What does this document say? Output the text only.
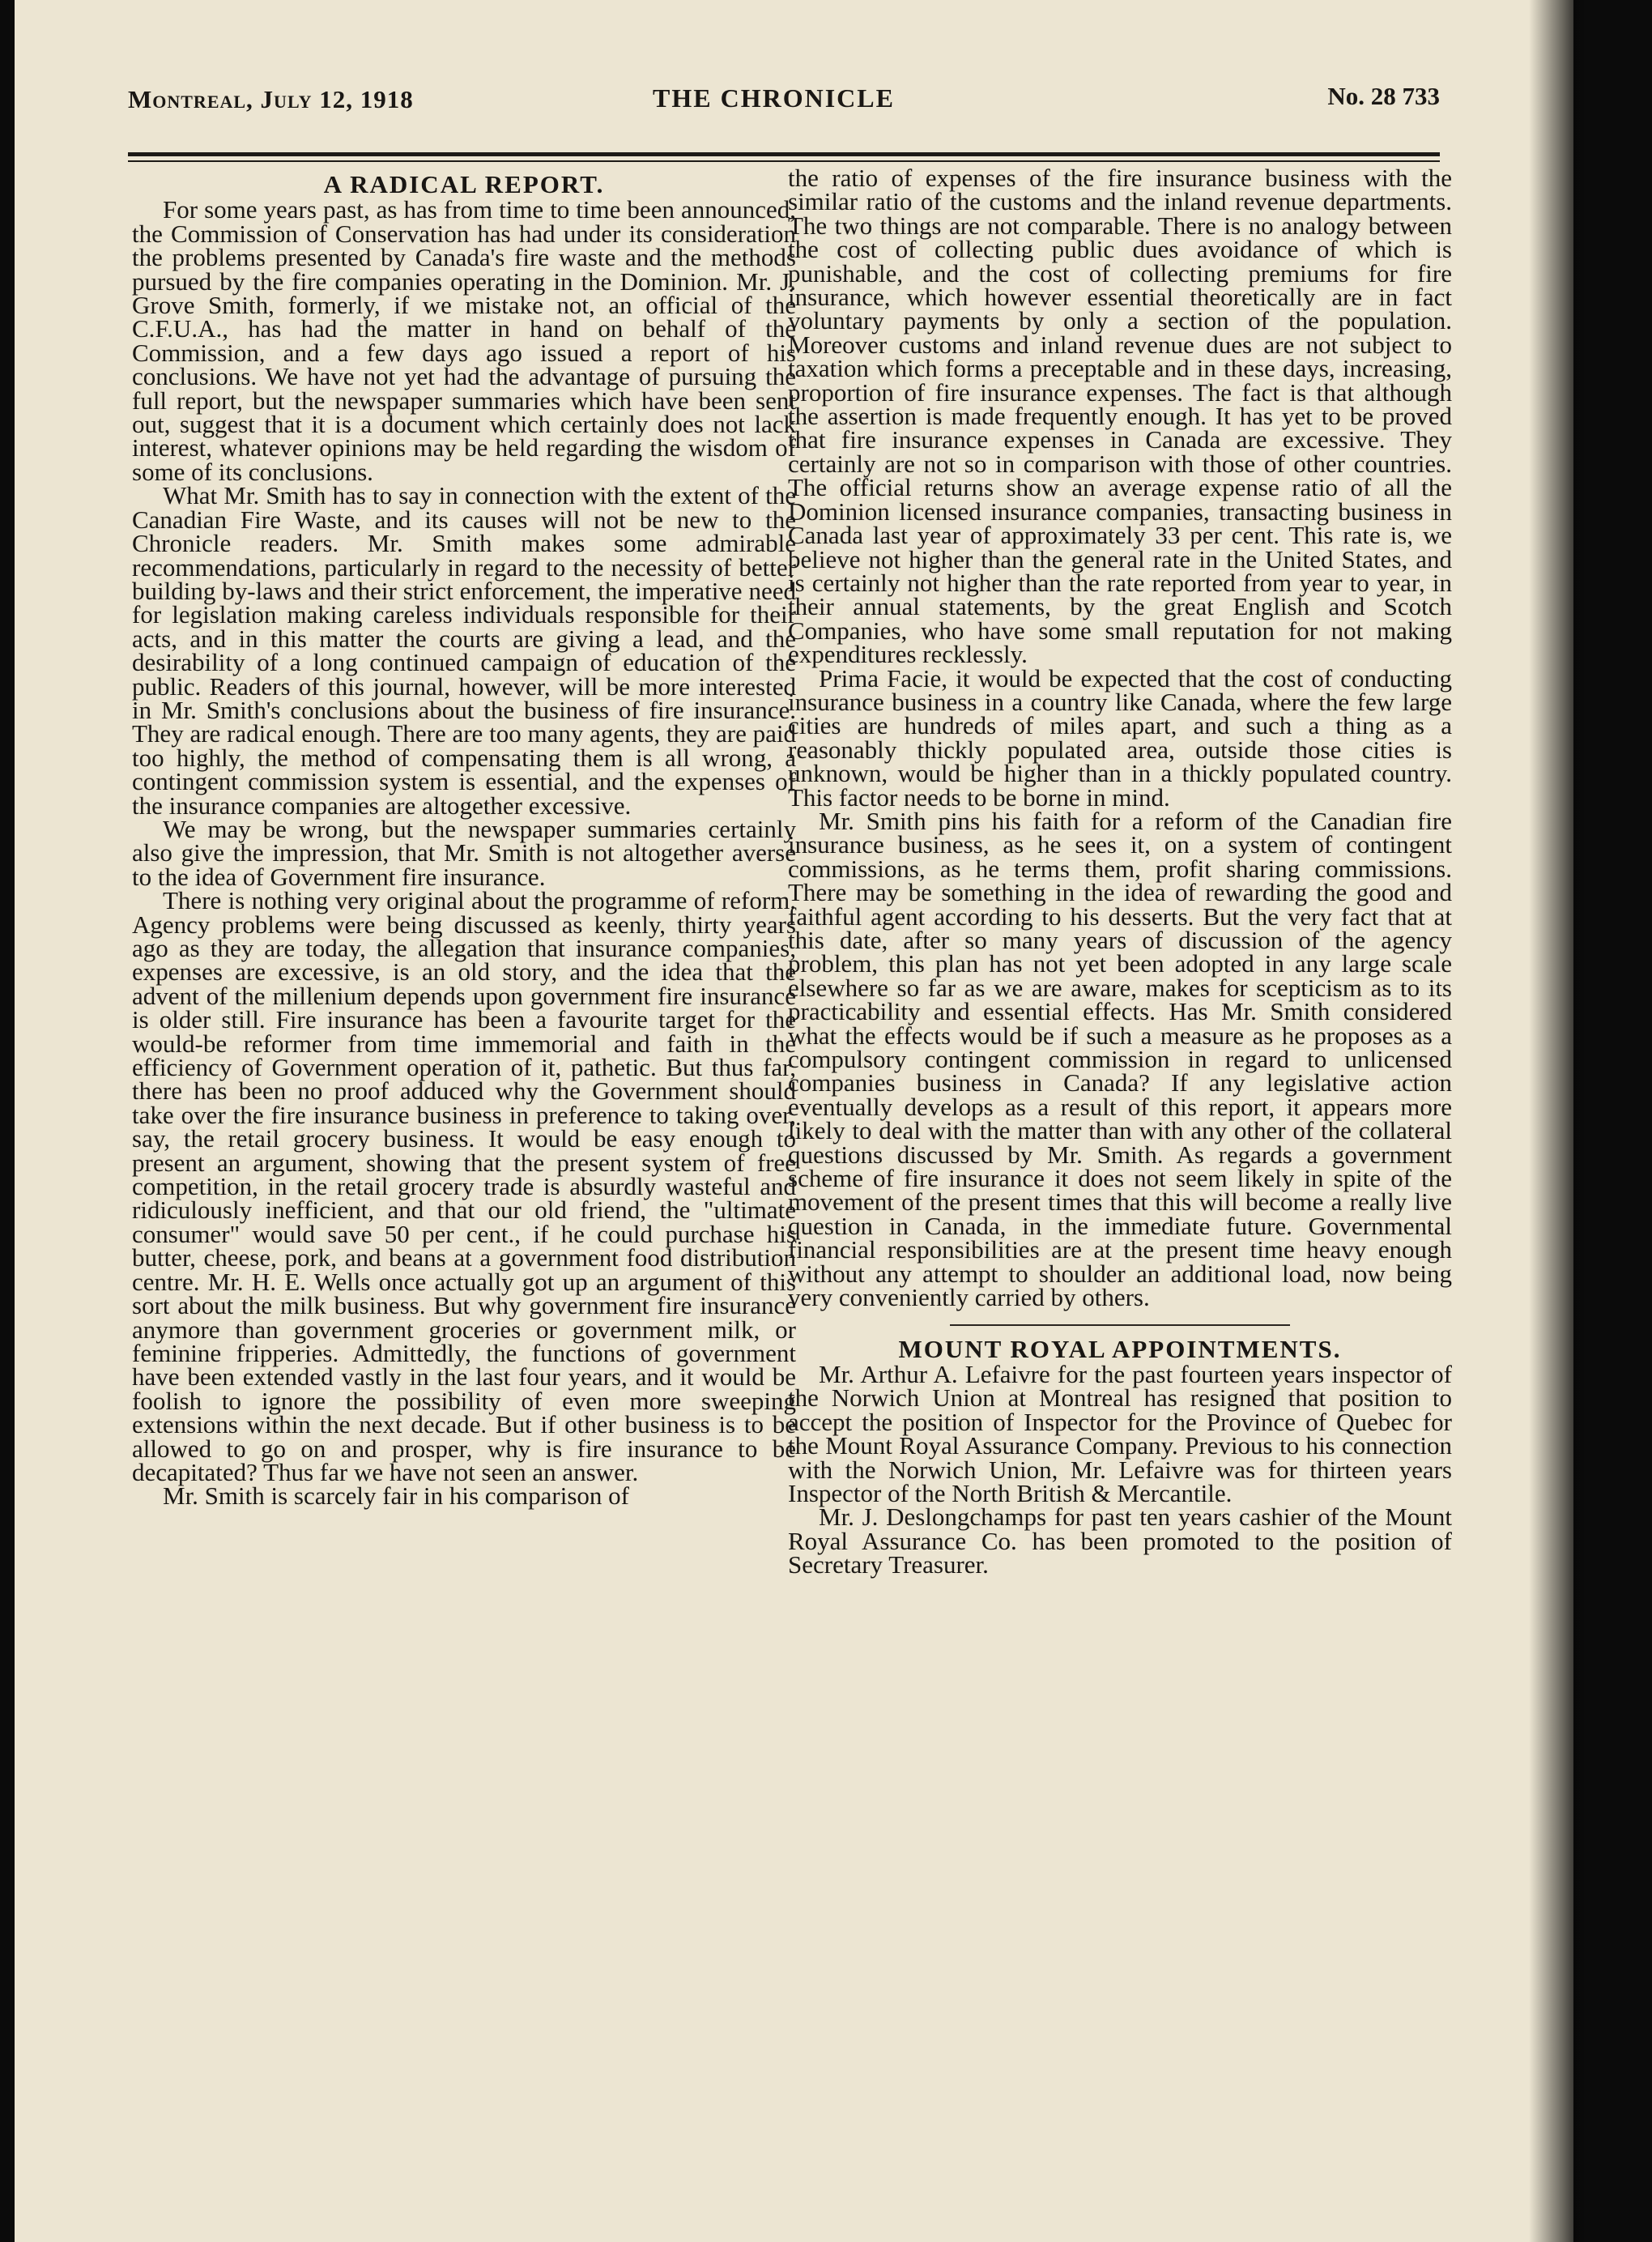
Montreal, July 12, 1918	THE CHRONICLE	No. 28 733
A RADICAL REPORT.

For some years past, as has from time to time been announced, the Commission of Conservation has had under its consideration the problems presented by Canada's fire waste and the methods pursued by the fire companies operating in the Dominion. Mr. J. Grove Smith, formerly, if we mistake not, an official of the C.F.U.A., has had the matter in hand on behalf of the Commission, and a few days ago issued a report of his conclusions. We have not yet had the advantage of pursuing the full report, but the newspaper summaries which have been sent out, suggest that it is a document which certainly does not lack interest, whatever opinions may be held regarding the wisdom of some of its conclusions.

What Mr. Smith has to say in connection with the extent of the Canadian Fire Waste, and its causes will not be new to the Chronicle readers. Mr. Smith makes some admirable recommendations, particularly in regard to the necessity of better building by-laws and their strict enforcement, the imperative need for legislation making careless individuals responsible for their acts, and in this matter the courts are giving a lead, and the desirability of a long continued campaign of education of the public. Readers of this journal, however, will be more interested in Mr. Smith's conclusions about the business of fire insurance. They are radical enough. There are too many agents, they are paid too highly, the method of compensating them is all wrong, a contingent commission system is essential, and the expenses of the insurance companies are altogether excessive.

We may be wrong, but the newspaper summaries certainly also give the impression, that Mr. Smith is not altogether averse to the idea of Government fire insurance.

There is nothing very original about the programme of reform. Agency problems were being discussed as keenly, thirty years ago as they are today, the allegation that insurance companies, expenses are excessive, is an old story, and the idea that the advent of the millenium depends upon government fire insurance is older still. Fire insurance has been a favourite target for the would-be reformer from time immemorial and faith in the efficiency of Government operation of it, pathetic. But thus far, there has been no proof adduced why the Government should take over the fire insurance business in preference to taking over, say, the retail grocery business. It would be easy enough to present an argument, showing that the present system of free competition, in the retail grocery trade is absurdly wasteful and ridiculously inefficient, and that our old friend, the "ultimate consumer" would save 50 per cent., if he could purchase his butter, cheese, pork, and beans at a government food distribution centre. Mr. H. E. Wells once actually got up an argument of this sort about the milk business. But why government fire insurance anymore than government groceries or government milk, or feminine fripperies. Admittedly, the functions of government have been extended vastly in the last four years, and it would be foolish to ignore the possibility of even more sweeping extensions within the next decade. But if other business is to be allowed to go on and prosper, why is fire insurance to be decapitated? Thus far we have not seen an answer.

Mr. Smith is scarcely fair in his comparison of

the ratio of expenses of the fire insurance business with the similar ratio of the customs and the inland revenue departments. The two things are not comparable. There is no analogy between the cost of collecting public dues avoidance of which is punishable, and the cost of collecting premiums for fire insurance, which however essential theoretically are in fact voluntary payments by only a section of the population. Moreover customs and inland revenue dues are not subject to taxation which forms a preceptable and in these days, increasing, proportion of fire insurance expenses. The fact is that although the assertion is made frequently enough. It has yet to be proved that fire insurance expenses in Canada are excessive. They certainly are not so in comparison with those of other countries. The official returns show an average expense ratio of all the Dominion licensed insurance companies, transacting business in Canada last year of approximately 33 per cent. This rate is, we believe not higher than the general rate in the United States, and is certainly not higher than the rate reported from year to year, in their annual statements, by the great English and Scotch Companies, who have some small reputation for not making expenditures recklessly.

Prima Facie, it would be expected that the cost of conducting insurance business in a country like Canada, where the few large cities are hundreds of miles apart, and such a thing as a reasonably thickly populated area, outside those cities is unknown, would be higher than in a thickly populated country. This factor needs to be borne in mind.

Mr. Smith pins his faith for a reform of the Canadian fire insurance business, as he sees it, on a system of contingent commissions, as he terms them, profit sharing commissions. There may be something in the idea of rewarding the good and faithful agent according to his desserts. But the very fact that at this date, after so many years of discussion of the agency problem, this plan has not yet been adopted in any large scale elsewhere so far as we are aware, makes for scepticism as to its practicability and essential effects. Has Mr. Smith considered what the effects would be if such a measure as he proposes as a compulsory contingent commission in regard to unlicensed companies business in Canada? If any legislative action eventually develops as a result of this report, it appears more likely to deal with the matter than with any other of the collateral questions discussed by Mr. Smith. As regards a government scheme of fire insurance it does not seem likely in spite of the movement of the present times that this will become a really live question in Canada, in the immediate future. Governmental financial responsibilities are at the present time heavy enough without any attempt to shoulder an additional load, now being very conveniently carried by others.

MOUNT ROYAL APPOINTMENTS.

Mr. Arthur A. Lefaivre for the past fourteen years inspector of the Norwich Union at Montreal has resigned that position to accept the position of Inspector for the Province of Quebec for the Mount Royal Assurance Company. Previous to his connection with the Norwich Union, Mr. Lefaivre was for thirteen years Inspector of the North British & Mercantile.

Mr. J. Deslongchamps for past ten years cashier of the Mount Royal Assurance Co. has been promoted to the position of Secretary Treasurer.
